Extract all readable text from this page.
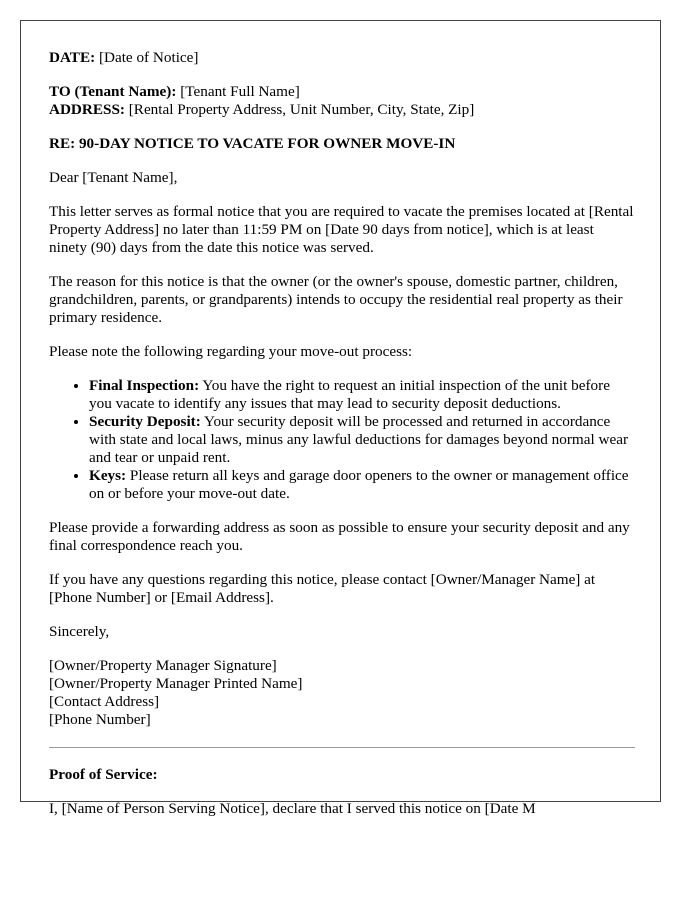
DATE: [Date of Notice]
TO (Tenant Name): [Tenant Full Name]
ADDRESS: [Rental Property Address, Unit Number, City, State, Zip]

RE: 90-DAY NOTICE TO VACATE FOR OWNER MOVE-IN

Dear [Tenant Name],

This letter serves as formal notice that you are required to vacate the premises located at [Rental Property Address] no later than 11:59 PM on [Date 90 days from notice], which is at least ninety (90) days from the date this notice was served.

The reason for this notice is that the owner (or the owner's spouse, domestic partner, children, grandchildren, parents, or grandparents) intends to occupy the residential real property as their primary residence.

Please note the following regarding your move-out process:

• Final Inspection: You have the right to request an initial inspection of the unit before you vacate to identify any issues that may lead to security deposit deductions.
• Security Deposit: Your security deposit will be processed and returned in accordance with state and local laws, minus any lawful deductions for damages beyond normal wear and tear or unpaid rent.
• Keys: Please return all keys and garage door openers to the owner or management office on or before your move-out date.

Please provide a forwarding address as soon as possible to ensure your security deposit and any final correspondence reach you.

If you have any questions regarding this notice, please contact [Owner/Manager Name] at [Phone Number] or [Email Address].

Sincerely,

[Owner/Property Manager Signature]
[Owner/Property Manager Printed Name]
[Contact Address]
[Phone Number]

Proof of Service:

I, [Name of Person Serving Notice], declare that I served this notice on [Date M
